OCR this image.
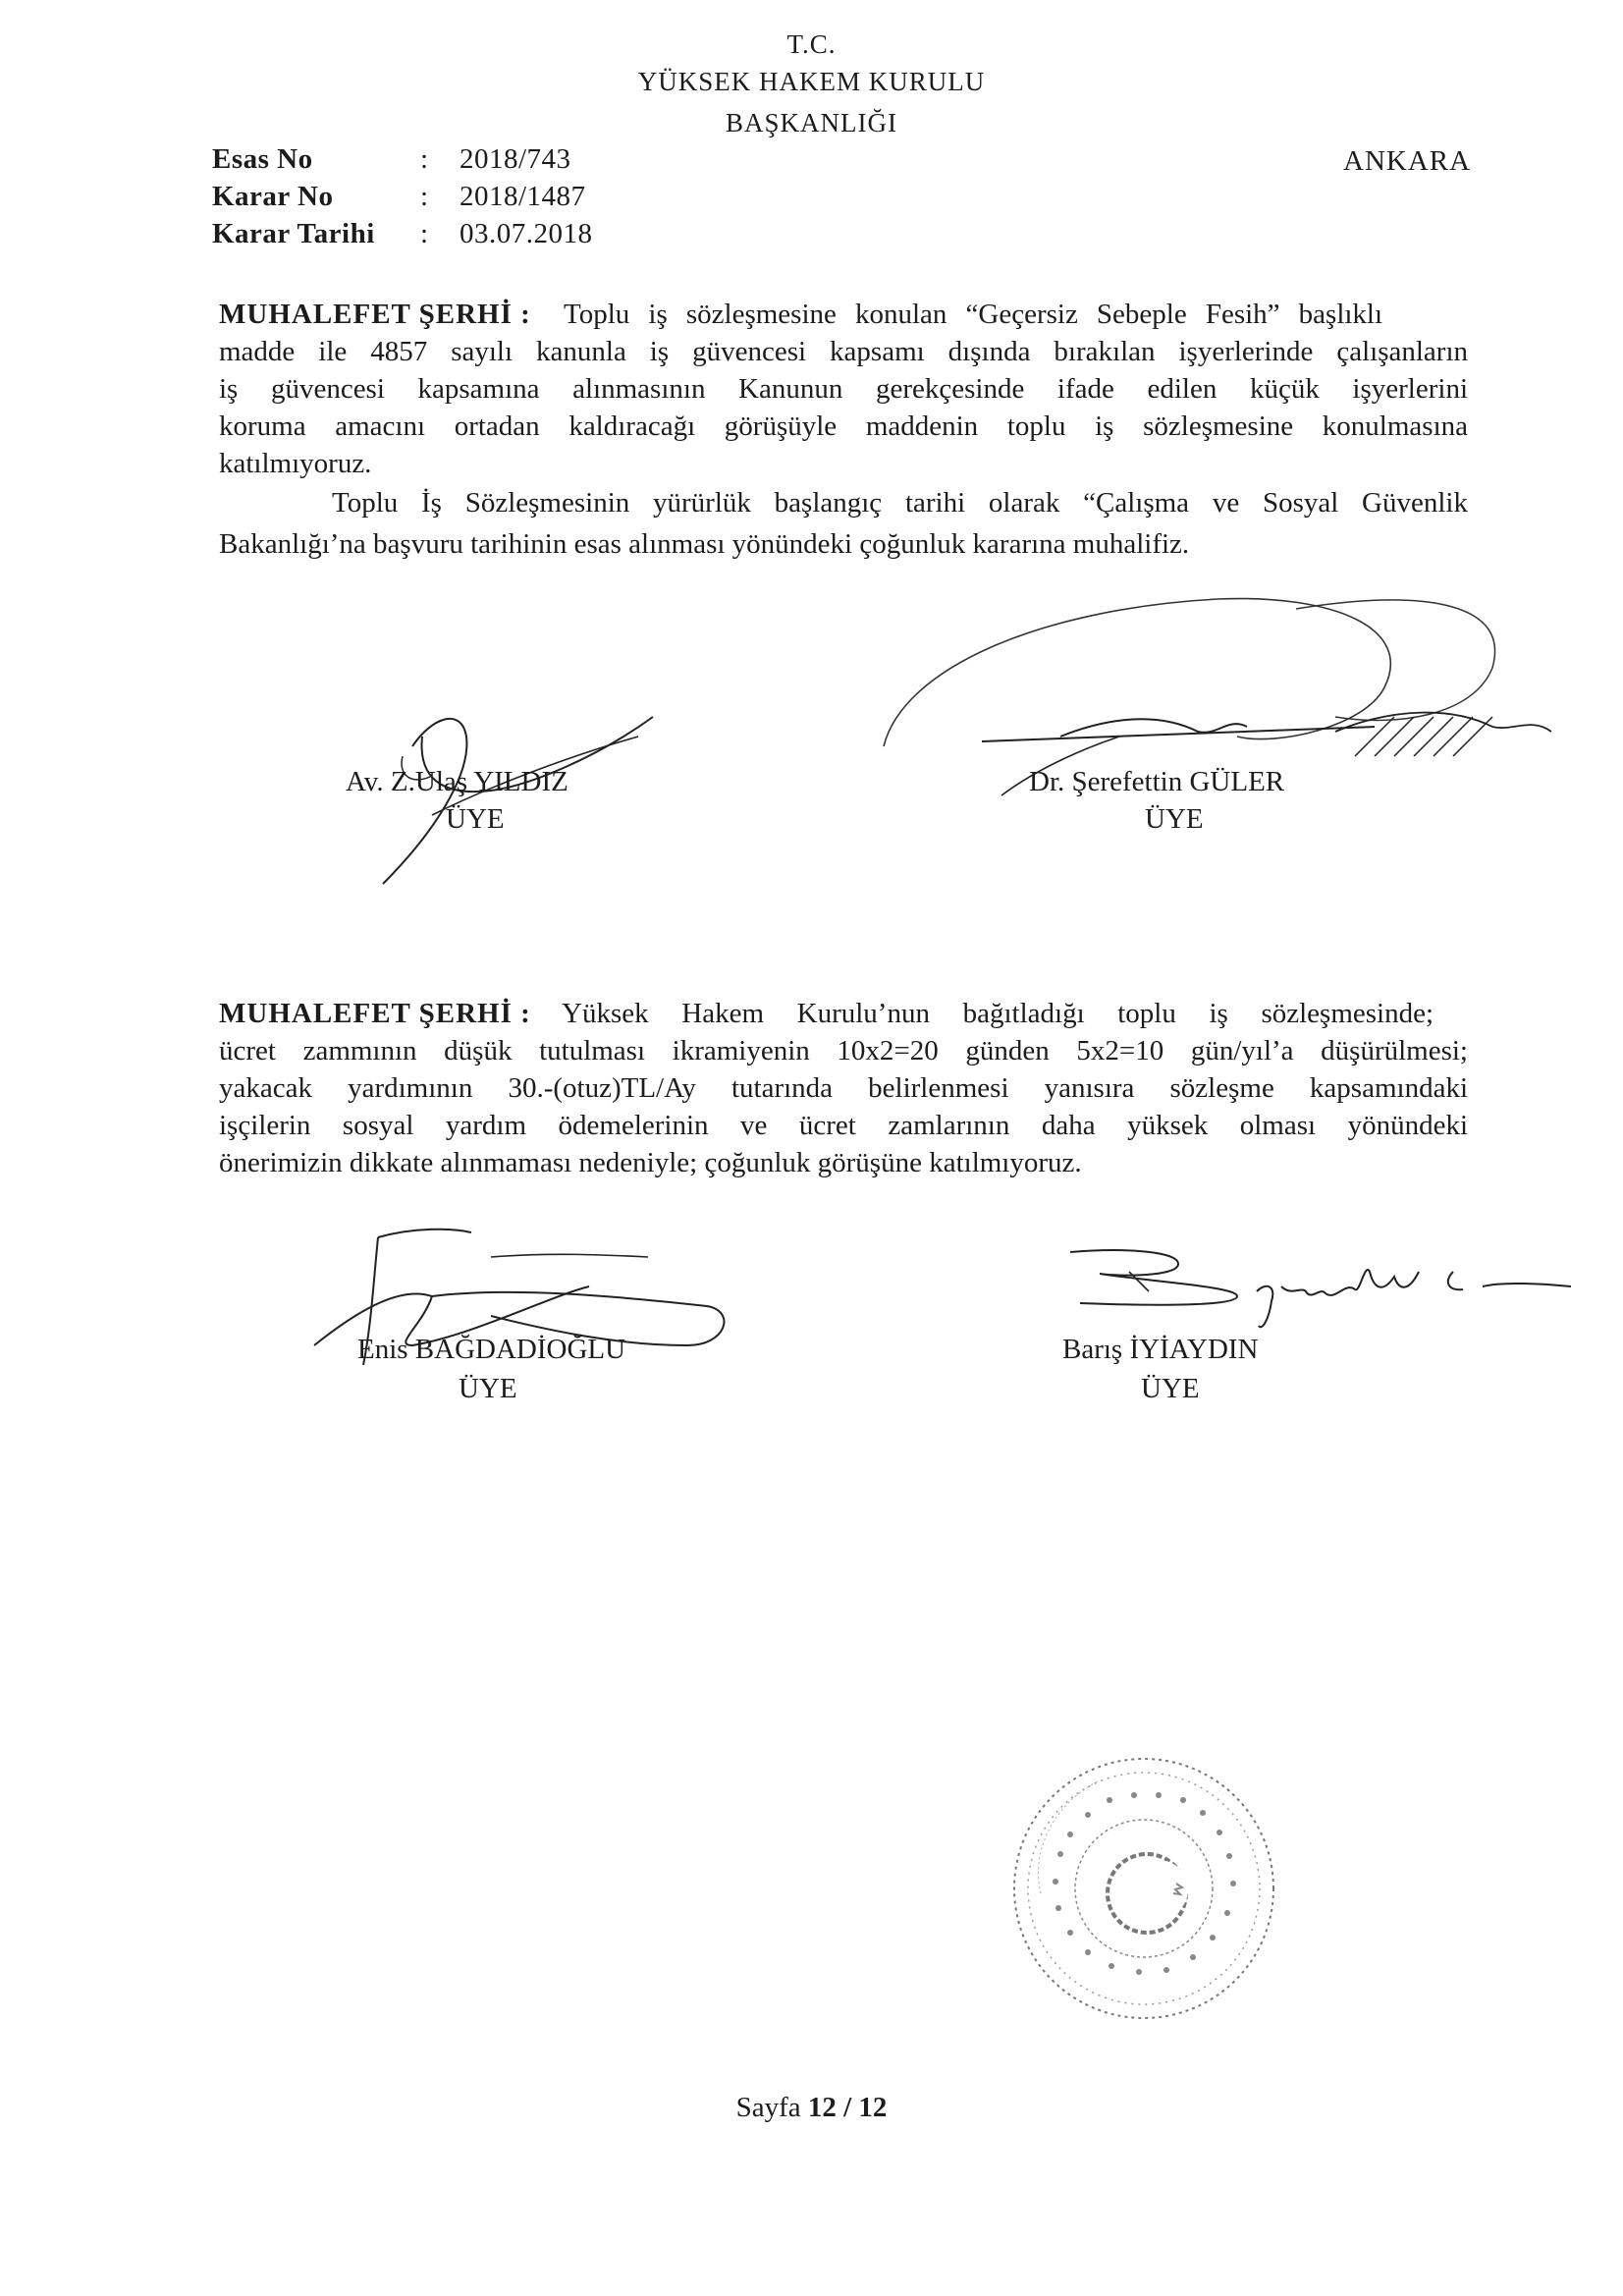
T.C.
YÜKSEK HAKEM KURULU
BAŞKANLIĞI
ANKARA
Esas No	: 2018/743
Karar No	: 2018/1487
Karar Tarihi	: 03.07.2018
MUHALEFET ŞERHİ : Toplu iş sözleşmesine konulan “Geçersiz Sebeple Fesih” başlıklı
madde ile 4857 sayılı kanunla iş güvencesi kapsamı dışında bırakılan işyerlerinde çalışanların
iş güvencesi kapsamına alınmasının Kanunun gerekçesinde ifade edilen küçük işyerlerini
koruma amacını ortadan kaldıracağı görüşüyle maddenin toplu iş sözleşmesine konulmasına
katılmıyoruz.
Toplu İş Sözleşmesinin yürürlük başlangıç tarihi olarak “Çalışma ve Sosyal Güvenlik
Bakanlığı’na başvuru tarihinin esas alınması yönündeki çoğunluk kararına muhalifiz.
Av. Z.Ulaş YILDIZ
ÜYE
Dr. Şerefettin GÜLER
ÜYE
MUHALEFET ŞERHİ : Yüksek Hakem Kurulu’nun bağıtladığı toplu iş sözleşmesinde;
ücret zammının düşük tutulması ikramiyenin 10x2=20 günden 5x2=10 gün/yıl’a düşürülmesi;
yakacak yardımının 30.-(otuz)TL/Ay tutarında belirlenmesi yanısıra sözleşme kapsamındaki
işçilerin sosyal yardım ödemelerinin ve ücret zamlarının daha yüksek olması yönündeki
önerimizin dikkate alınmaması nedeniyle; çoğunluk görüşüne katılmıyoruz.
Enis BAĞDADİOĞLU
ÜYE
Barış İYİAYDIN
ÜYE
Sayfa 12 / 12
